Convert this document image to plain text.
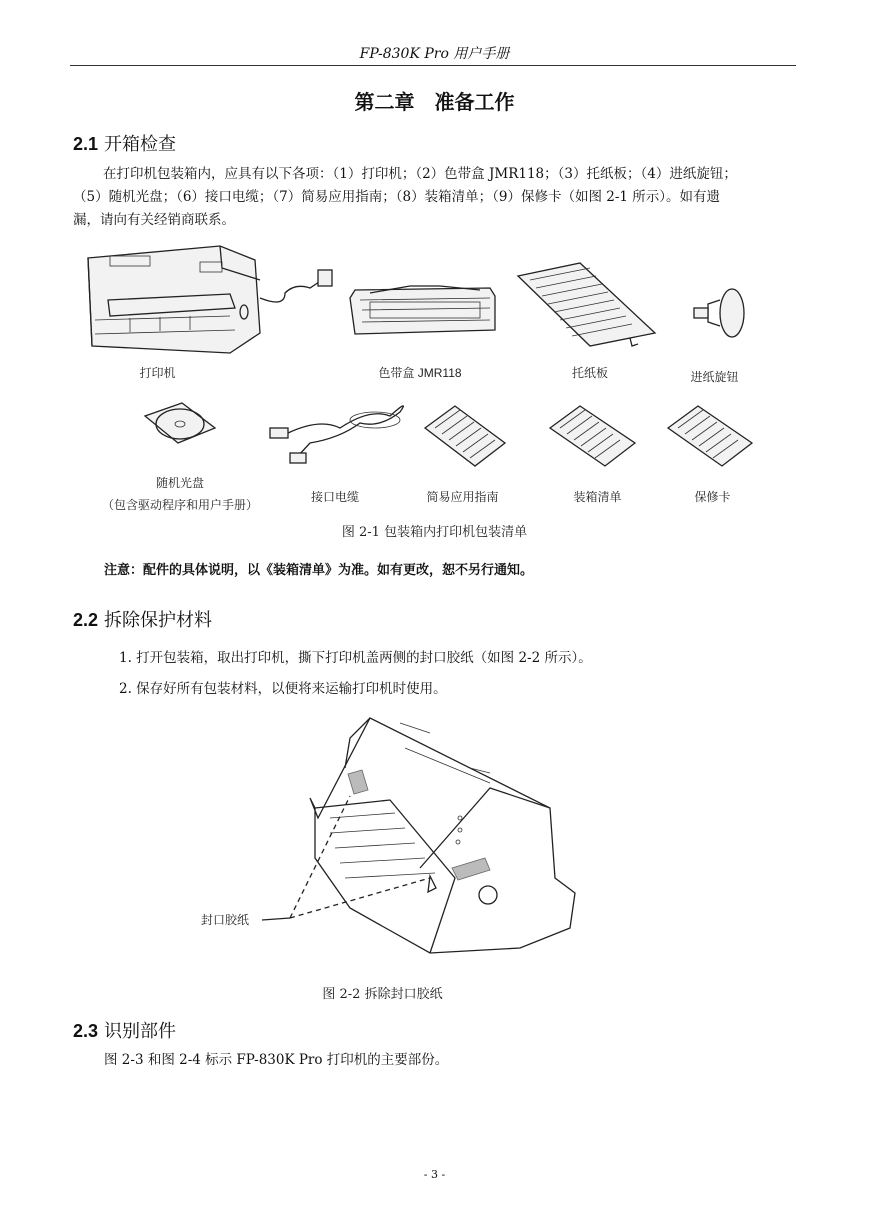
FP-830K Pro 用户手册
第二章　准备工作
2.1 开箱检查
在打印机包装箱内，应具有以下各项：（1）打印机；（2）色带盒 JMR118；（3）托纸板；（4）进纸旋钮；
（5）随机光盘；（6）接口电缆；（7）简易应用指南；（8）装箱清单；（9）保修卡（如图 2-1 所示）。如有遗
漏，请向有关经销商联系。
打印机	色带盒 JMR118	托纸板	进纸旋钮
随机光盘
（包含驱动程序和用户手册）
接口电缆	简易应用指南	装箱清单	保修卡
图 2-1 包装箱内打印机包装清单
注意：配件的具体说明，以《装箱清单》为准。如有更改，恕不另行通知。
2.2 拆除保护材料
1. 打开包装箱，取出打印机，撕下打印机盖两侧的封口胶纸（如图 2-2 所示）。
2. 保存好所有包装材料，以便将来运输打印机时使用。
封口胶纸
图 2-2 拆除封口胶纸
2.3 识别部件
图 2-3 和图 2-4 标示 FP-830K Pro 打印机的主要部份。
- 3 -
